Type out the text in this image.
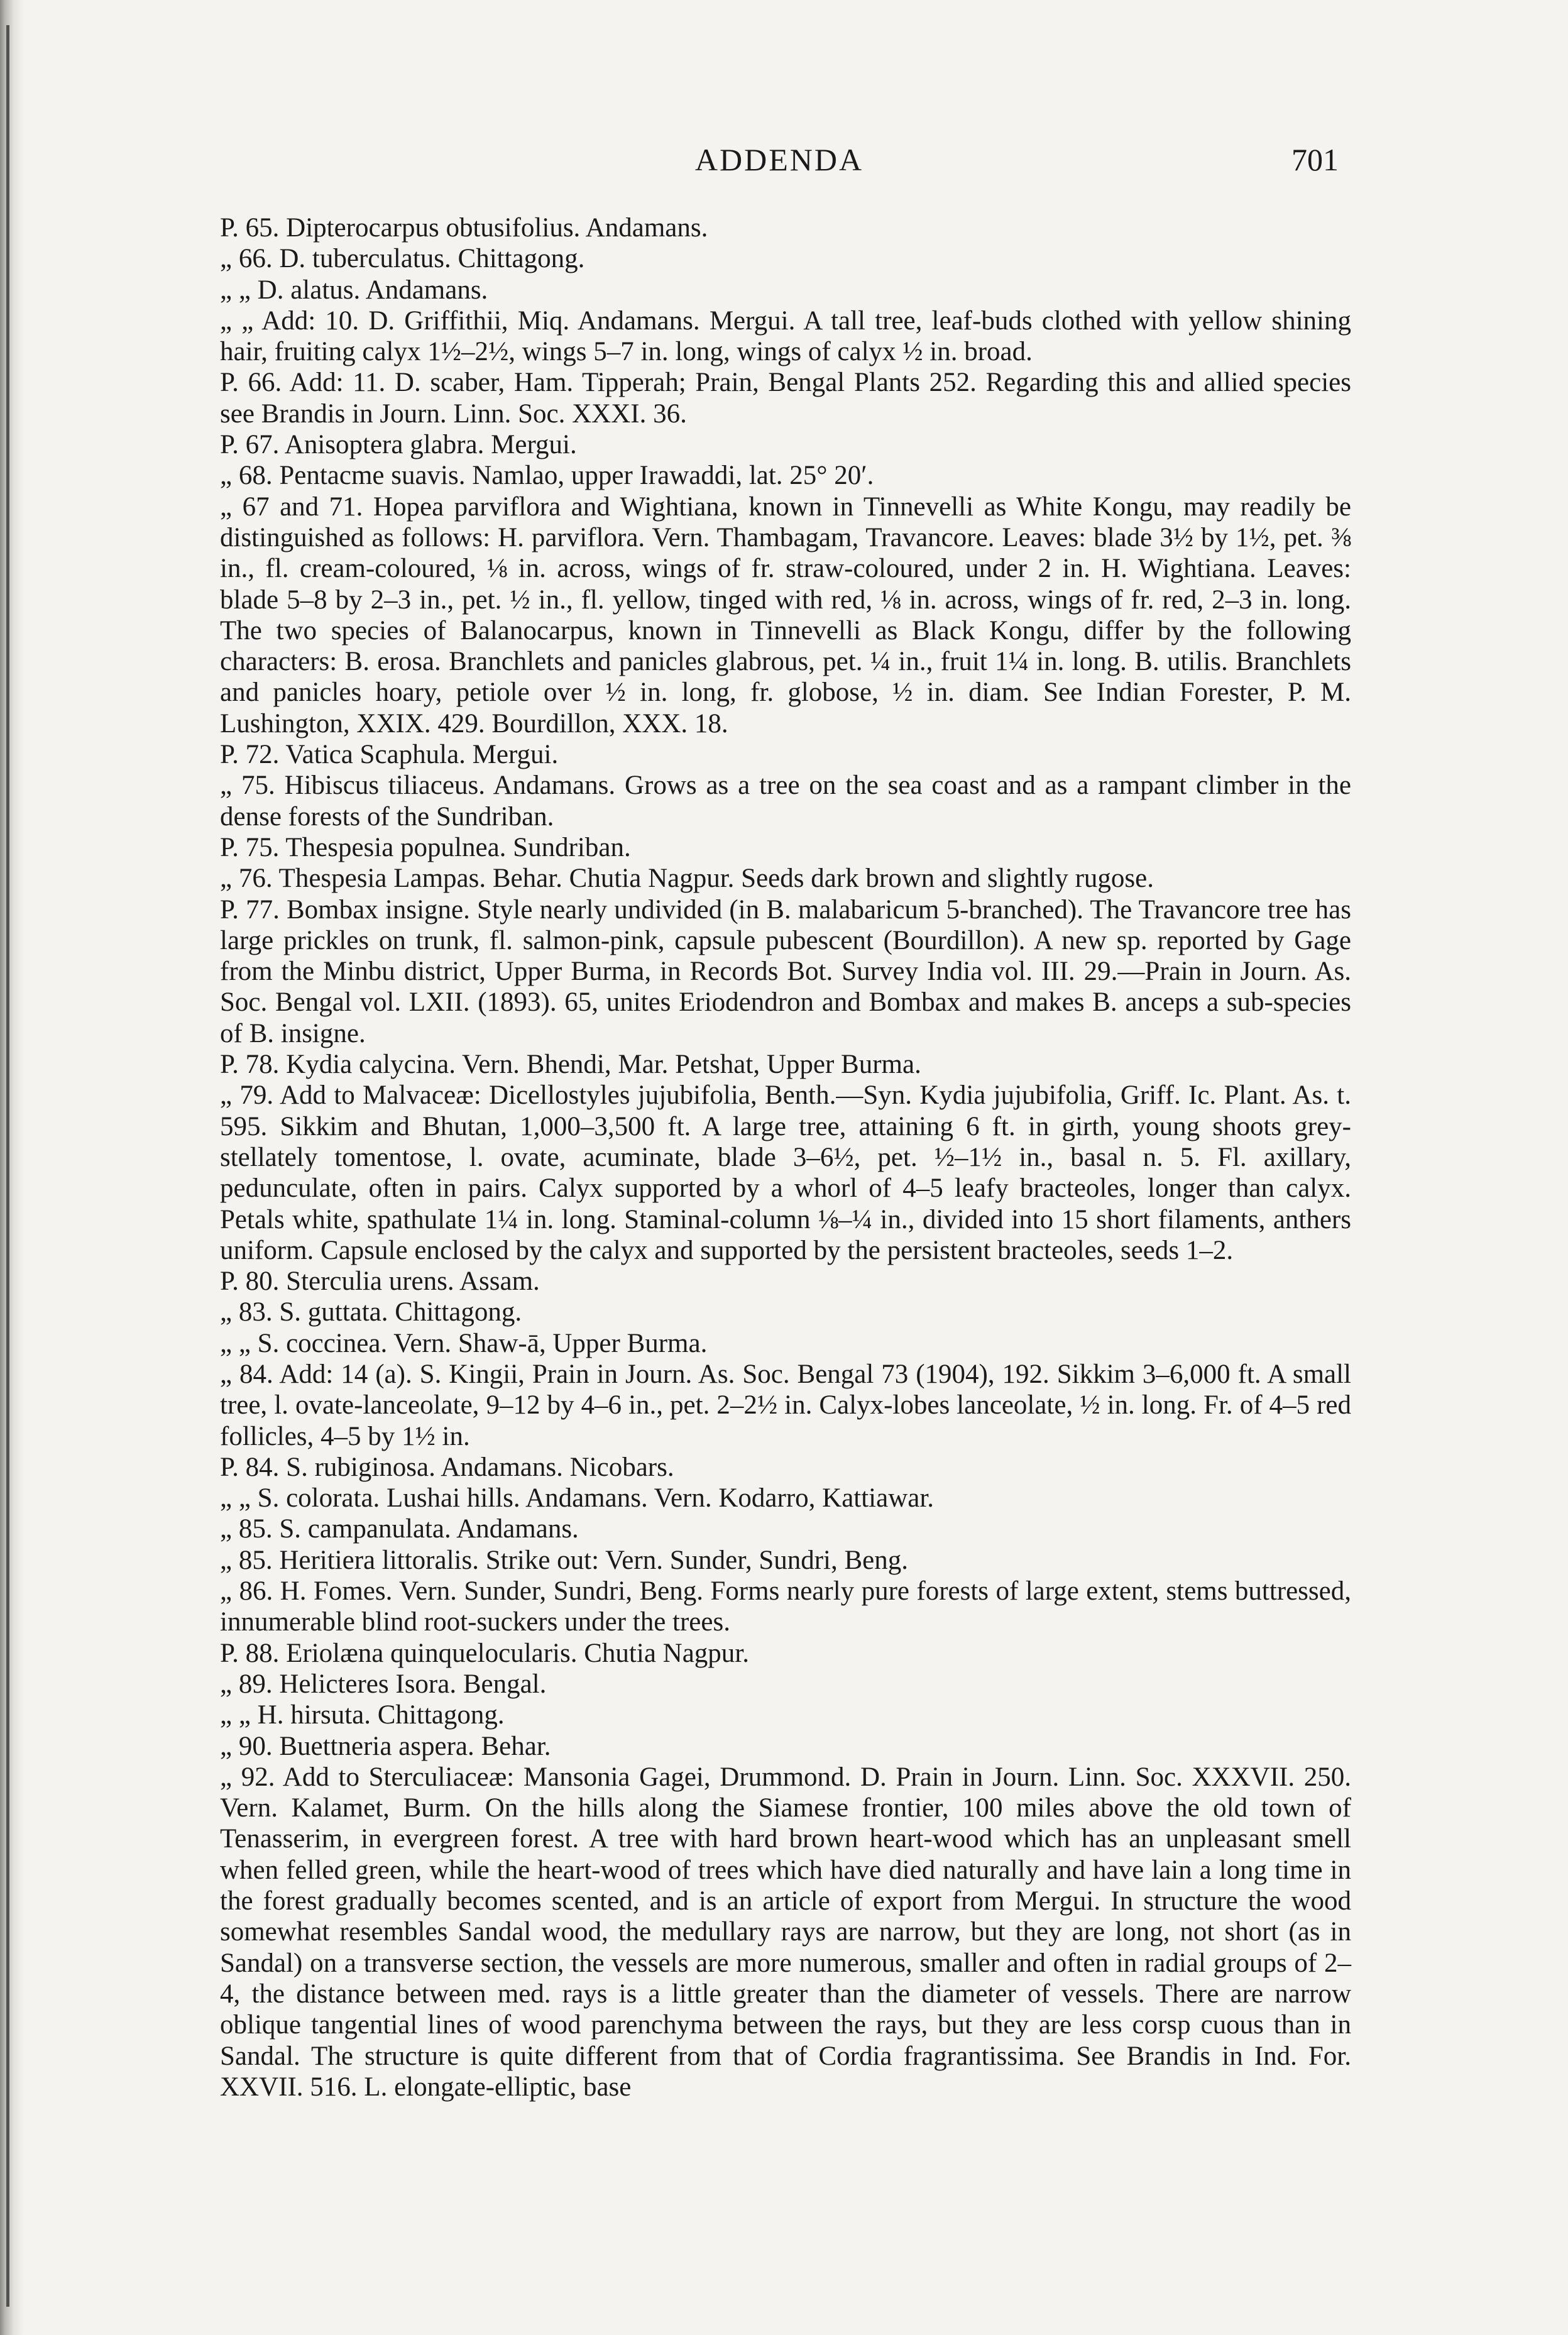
ADDENDA	701

P. 65. Dipterocarpus obtusifolius. Andamans.

„ 66. D. tuberculatus. Chittagong.

„ „ D. alatus. Andamans.

„ „ Add: 10. D. Griffithii, Miq. Andamans. Mergui. A tall tree, leaf-buds clothed with yellow shining hair, fruiting calyx 1½–2½, wings 5–7 in. long, wings of calyx ½ in. broad.

P. 66. Add: 11. D. scaber, Ham. Tipperah; Prain, Bengal Plants 252. Regarding this and allied species see Brandis in Journ. Linn. Soc. XXXI. 36.

P. 67. Anisoptera glabra. Mergui.

„ 68. Pentacme suavis. Namlao, upper Irawaddi, lat. 25° 20′.

„ 67 and 71. Hopea parviflora and Wightiana, known in Tinnevelli as White Kongu, may readily be distinguished as follows: H. parviflora. Vern. Thambagam, Travancore. Leaves: blade 3½ by 1½, pet. ⅜ in., fl. cream-coloured, ⅛ in. across, wings of fr. straw-coloured, under 2 in. H. Wightiana. Leaves: blade 5–8 by 2–3 in., pet. ½ in., fl. yellow, tinged with red, ⅛ in. across, wings of fr. red, 2–3 in. long. The two species of Balanocarpus, known in Tinnevelli as Black Kongu, differ by the following characters: B. erosa. Branchlets and panicles glabrous, pet. ¼ in., fruit 1¼ in. long. B. utilis. Branchlets and panicles hoary, petiole over ½ in. long, fr. globose, ½ in. diam. See Indian Forester, P. M. Lushington, XXIX. 429. Bourdillon, XXX. 18.

P. 72. Vatica Scaphula. Mergui.

„ 75. Hibiscus tiliaceus. Andamans. Grows as a tree on the sea coast and as a rampant climber in the dense forests of the Sundriban.

P. 75. Thespesia populnea. Sundriban.

„ 76. Thespesia Lampas. Behar. Chutia Nagpur. Seeds dark brown and slightly rugose.

P. 77. Bombax insigne. Style nearly undivided (in B. malabaricum 5-branched). The Travancore tree has large prickles on trunk, fl. salmon-pink, capsule pubescent (Bourdillon). A new sp. reported by Gage from the Minbu district, Upper Burma, in Records Bot. Survey India vol. III. 29.—Prain in Journ. As. Soc. Bengal vol. LXII. (1893). 65, unites Eriodendron and Bombax and makes B. anceps a sub-species of B. insigne.

P. 78. Kydia calycina. Vern. Bhendi, Mar. Petshat, Upper Burma.

„ 79. Add to Malvaceæ: Dicellostyles jujubifolia, Benth.—Syn. Kydia jujubifolia, Griff. Ic. Plant. As. t. 595. Sikkim and Bhutan, 1,000–3,500 ft. A large tree, attaining 6 ft. in girth, young shoots grey-stellately tomentose, l. ovate, acuminate, blade 3–6½, pet. ½–1½ in., basal n. 5. Fl. axillary, pedunculate, often in pairs. Calyx supported by a whorl of 4–5 leafy bracteoles, longer than calyx. Petals white, spathulate 1¼ in. long. Staminal-column ⅛–¼ in., divided into 15 short filaments, anthers uniform. Capsule enclosed by the calyx and supported by the persistent bracteoles, seeds 1–2.

P. 80. Sterculia urens. Assam.

„ 83. S. guttata. Chittagong.

„ „ S. coccinea. Vern. Shaw-ā, Upper Burma.

„ 84. Add: 14 (a). S. Kingii, Prain in Journ. As. Soc. Bengal 73 (1904), 192. Sikkim 3–6,000 ft. A small tree, l. ovate-lanceolate, 9–12 by 4–6 in., pet. 2–2½ in. Calyx-lobes lanceolate, ½ in. long. Fr. of 4–5 red follicles, 4–5 by 1½ in.

P. 84. S. rubiginosa. Andamans. Nicobars.

„ „ S. colorata. Lushai hills. Andamans. Vern. Kodarro, Kattiawar.

„ 85. S. campanulata. Andamans.

„ 85. Heritiera littoralis. Strike out: Vern. Sunder, Sundri, Beng.

„ 86. H. Fomes. Vern. Sunder, Sundri, Beng. Forms nearly pure forests of large extent, stems buttressed, innumerable blind root-suckers under the trees.

P. 88. Eriolæna quinquelocularis. Chutia Nagpur.

„ 89. Helicteres Isora. Bengal.

„ „ H. hirsuta. Chittagong.

„ 90. Buettneria aspera. Behar.

„ 92. Add to Sterculiaceæ: Mansonia Gagei, Drummond. D. Prain in Journ. Linn. Soc. XXXVII. 250. Vern. Kalamet, Burm. On the hills along the Siamese frontier, 100 miles above the old town of Tenasserim, in evergreen forest. A tree with hard brown heart-wood which has an unpleasant smell when felled green, while the heart-wood of trees which have died naturally and have lain a long time in the forest gradually becomes scented, and is an article of export from Mergui. In structure the wood somewhat resembles Sandal wood, the medullary rays are narrow, but they are long, not short (as in Sandal) on a transverse section, the vessels are more numerous, smaller and often in radial groups of 2–4, the distance between med. rays is a little greater than the diameter of vessels. There are narrow oblique tangential lines of wood parenchyma between the rays, but they are less corsp cuous than in Sandal. The structure is quite different from that of Cordia fragrantissima. See Brandis in Ind. For. XXVII. 516. L. elongate-elliptic, base
